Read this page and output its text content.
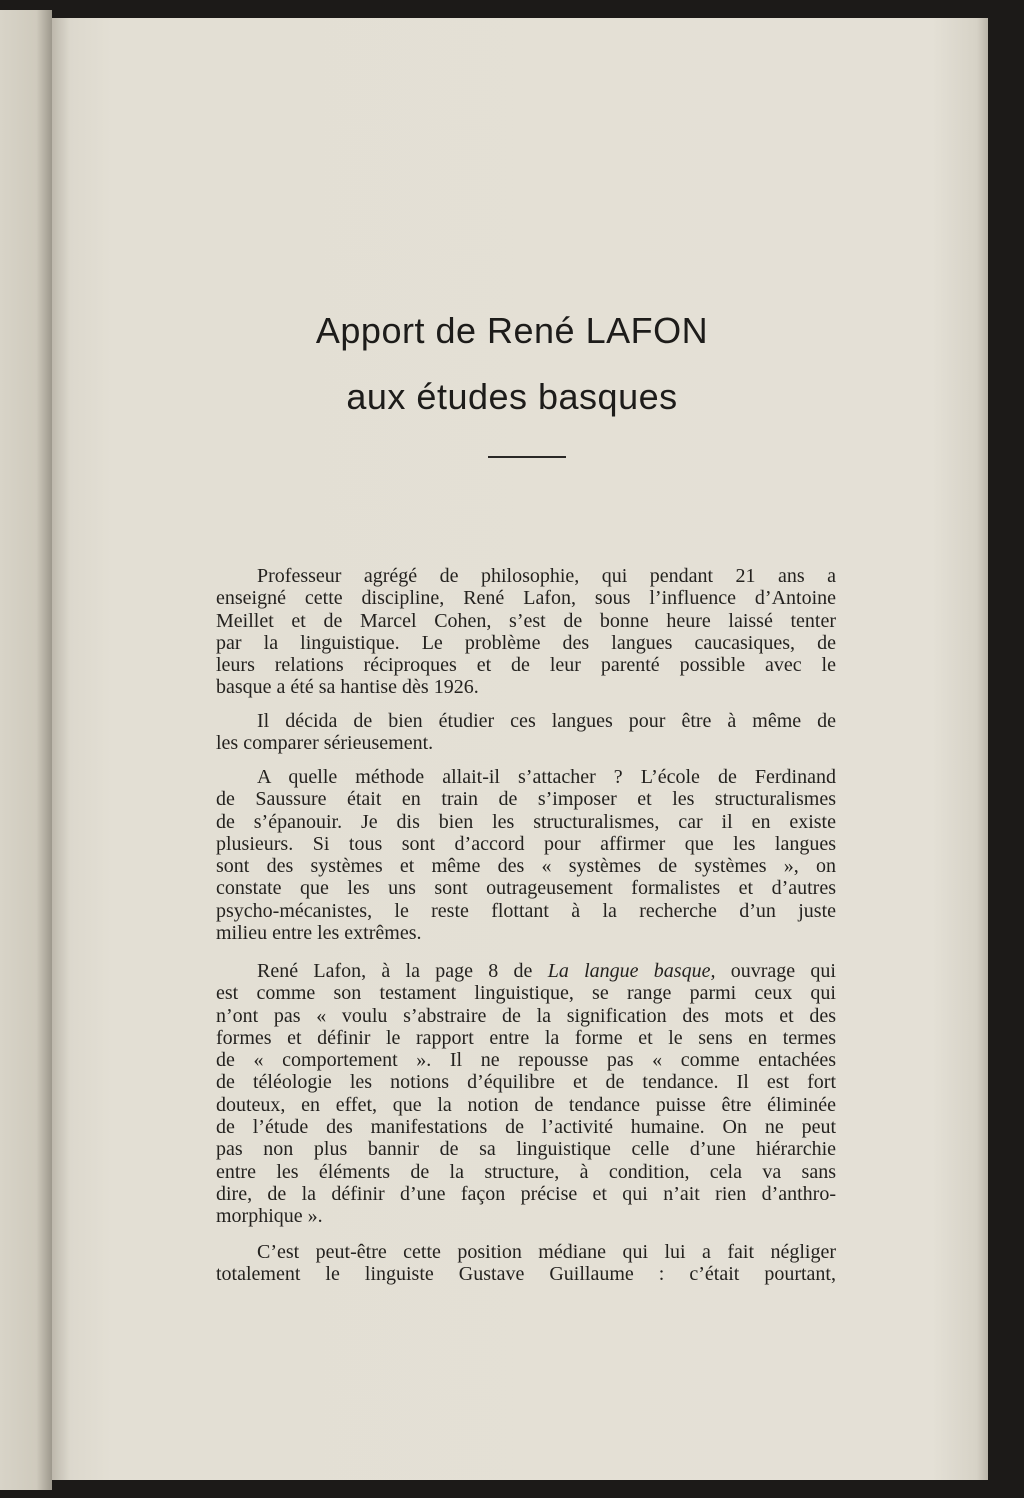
Apport de René LAFON
aux études basques
Professeur agrégé de philosophie, qui pendant 21 ans a
enseigné cette discipline, René Lafon, sous l’influence d’Antoine
Meillet et de Marcel Cohen, s’est de bonne heure laissé tenter
par la linguistique. Le problème des langues caucasiques, de
leurs relations réciproques et de leur parenté possible avec le
basque a été sa hantise dès 1926.
Il décida de bien étudier ces langues pour être à même de
les comparer sérieusement.
A quelle méthode allait-il s’attacher ? L’école de Ferdinand
de Saussure était en train de s’imposer et les structuralismes
de s’épanouir. Je dis bien les structuralismes, car il en existe
plusieurs. Si tous sont d’accord pour affirmer que les langues
sont des systèmes et même des « systèmes de systèmes », on
constate que les uns sont outrageusement formalistes et d’autres
psycho-mécanistes, le reste flottant à la recherche d’un juste
milieu entre les extrêmes.
René Lafon, à la page 8 de La langue basque, ouvrage qui
est comme son testament linguistique, se range parmi ceux qui
n’ont pas « voulu s’abstraire de la signification des mots et des
formes et définir le rapport entre la forme et le sens en termes
de « comportement ». Il ne repousse pas « comme entachées
de téléologie les notions d’équilibre et de tendance. Il est fort
douteux, en effet, que la notion de tendance puisse être éliminée
de l’étude des manifestations de l’activité humaine. On ne peut
pas non plus bannir de sa linguistique celle d’une hiérarchie
entre les éléments de la structure, à condition, cela va sans
dire, de la définir d’une façon précise et qui n’ait rien d’anthro-
morphique ».
C’est peut-être cette position médiane qui lui a fait négliger
totalement le linguiste Gustave Guillaume : c’était pourtant,
